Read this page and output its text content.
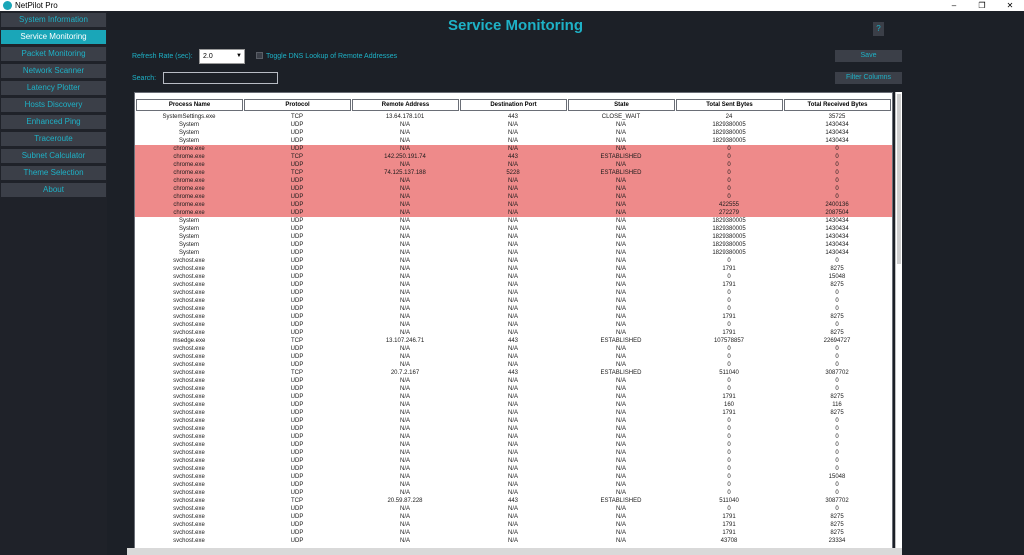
NetPilot Pro	–	❐	✕
System Information
Service Monitoring
Packet Monitoring
Network Scanner
Latency Plotter
Hosts Discovery
Enhanced Ping
Traceroute
Subnet Calculator
Theme Selection
About
Service Monitoring	?
Refresh Rate (sec):	2.0	▼	Toggle DNS Lookup of Remote Addresses
Search:
Save
Filter Columns
Process Name	Protocol	Remote Address	Destination Port	State	Total Sent Bytes	Total Received Bytes
SystemSettings.exe	TCP	13.64.178.101	443	CLOSE_WAIT	24	35725
System	UDP	N/A	N/A	N/A	1829380005	1430434
System	UDP	N/A	N/A	N/A	1829380005	1430434
System	UDP	N/A	N/A	N/A	1829380005	1430434
chrome.exe	UDP	N/A	N/A	N/A	0	0
chrome.exe	TCP	142.250.191.74	443	ESTABLISHED	0	0
chrome.exe	UDP	N/A	N/A	N/A	0	0
chrome.exe	TCP	74.125.137.188	5228	ESTABLISHED	0	0
chrome.exe	UDP	N/A	N/A	N/A	0	0
chrome.exe	UDP	N/A	N/A	N/A	0	0
chrome.exe	UDP	N/A	N/A	N/A	0	0
chrome.exe	UDP	N/A	N/A	N/A	422555	2400136
chrome.exe	UDP	N/A	N/A	N/A	272279	2087504
System	UDP	N/A	N/A	N/A	1829380005	1430434
System	UDP	N/A	N/A	N/A	1829380005	1430434
System	UDP	N/A	N/A	N/A	1829380005	1430434
System	UDP	N/A	N/A	N/A	1829380005	1430434
System	UDP	N/A	N/A	N/A	1829380005	1430434
svchost.exe	UDP	N/A	N/A	N/A	0	0
svchost.exe	UDP	N/A	N/A	N/A	1791	8275
svchost.exe	UDP	N/A	N/A	N/A	0	15048
svchost.exe	UDP	N/A	N/A	N/A	1791	8275
svchost.exe	UDP	N/A	N/A	N/A	0	0
svchost.exe	UDP	N/A	N/A	N/A	0	0
svchost.exe	UDP	N/A	N/A	N/A	0	0
svchost.exe	UDP	N/A	N/A	N/A	1791	8275
svchost.exe	UDP	N/A	N/A	N/A	0	0
svchost.exe	UDP	N/A	N/A	N/A	1791	8275
msedge.exe	TCP	13.107.246.71	443	ESTABLISHED	107578857	22694727
svchost.exe	UDP	N/A	N/A	N/A	0	0
svchost.exe	UDP	N/A	N/A	N/A	0	0
svchost.exe	UDP	N/A	N/A	N/A	0	0
svchost.exe	TCP	20.7.2.167	443	ESTABLISHED	511040	3087702
svchost.exe	UDP	N/A	N/A	N/A	0	0
svchost.exe	UDP	N/A	N/A	N/A	0	0
svchost.exe	UDP	N/A	N/A	N/A	1791	8275
svchost.exe	UDP	N/A	N/A	N/A	160	116
svchost.exe	UDP	N/A	N/A	N/A	1791	8275
svchost.exe	UDP	N/A	N/A	N/A	0	0
svchost.exe	UDP	N/A	N/A	N/A	0	0
svchost.exe	UDP	N/A	N/A	N/A	0	0
svchost.exe	UDP	N/A	N/A	N/A	0	0
svchost.exe	UDP	N/A	N/A	N/A	0	0
svchost.exe	UDP	N/A	N/A	N/A	0	0
svchost.exe	UDP	N/A	N/A	N/A	0	0
svchost.exe	UDP	N/A	N/A	N/A	0	15048
svchost.exe	UDP	N/A	N/A	N/A	0	0
svchost.exe	UDP	N/A	N/A	N/A	0	0
svchost.exe	TCP	20.59.87.228	443	ESTABLISHED	511040	3087702
svchost.exe	UDP	N/A	N/A	N/A	0	0
svchost.exe	UDP	N/A	N/A	N/A	1791	8275
svchost.exe	UDP	N/A	N/A	N/A	1791	8275
svchost.exe	UDP	N/A	N/A	N/A	1791	8275
svchost.exe	UDP	N/A	N/A	N/A	43708	23334
